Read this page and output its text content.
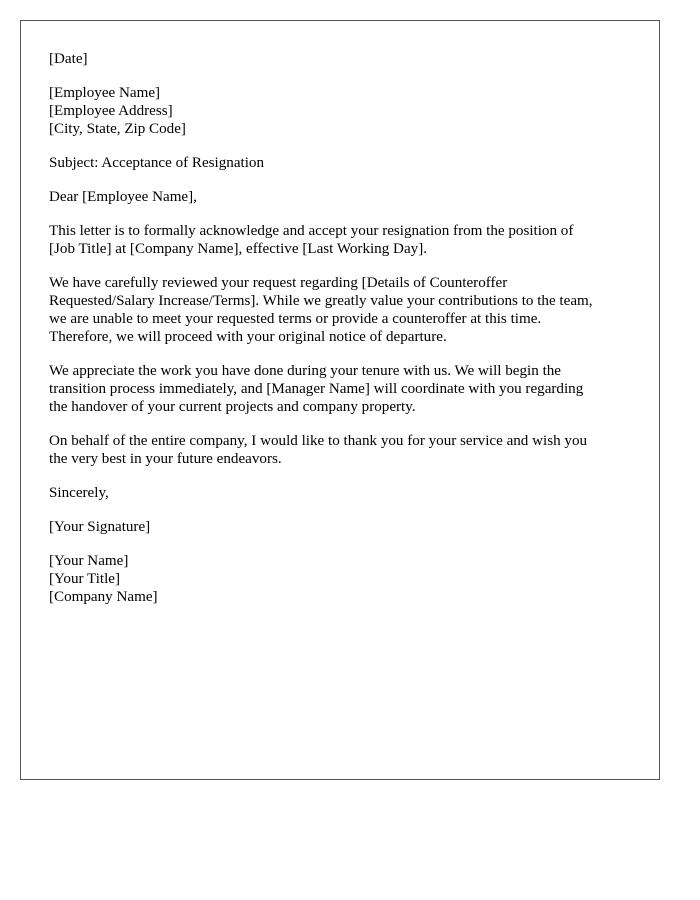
[Date]
[Employee Name]
[Employee Address]
[City, State, Zip Code]
Subject: Acceptance of Resignation
Dear [Employee Name],
This letter is to formally acknowledge and accept your resignation from the position of
[Job Title] at [Company Name], effective [Last Working Day].
We have carefully reviewed your request regarding [Details of Counteroffer
Requested/Salary Increase/Terms]. While we greatly value your contributions to the team,
we are unable to meet your requested terms or provide a counteroffer at this time.
Therefore, we will proceed with your original notice of departure.
We appreciate the work you have done during your tenure with us. We will begin the
transition process immediately, and [Manager Name] will coordinate with you regarding
the handover of your current projects and company property.
On behalf of the entire company, I would like to thank you for your service and wish you
the very best in your future endeavors.
Sincerely,
[Your Signature]
[Your Name]
[Your Title]
[Company Name]
